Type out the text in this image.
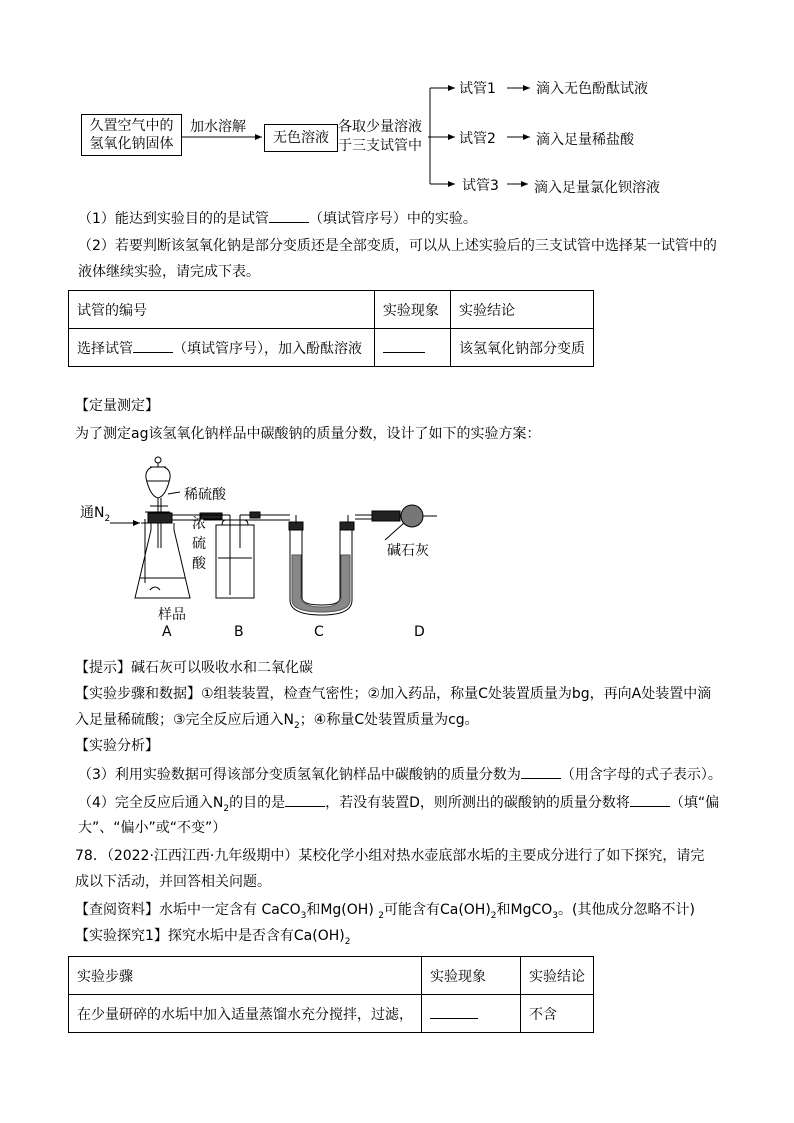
久置空气中的
氢氧化钠固体
加水溶解
无色溶液
各取少量溶液
于三支试管中
试管1	滴入无色酚酞试液
试管2	滴入足量稀盐酸
试管3	滴入足量氯化钡溶液
（1）能达到实验目的的是试管	（填试管序号）中的实验。
（2）若要判断该氢氧化钠是部分变质还是全部变质，可以从上述实验后的三支试管中选择某一试管中的
液体继续实验，请完成下表。
试管的编号	实验现象	实验结论
选择试管 （填试管序号），加入酚酞溶液		该氢氧化钠部分变质
【定量测定】
为了测定ag该氢氧化钠样品中碳酸钠的质量分数，设计了如下的实验方案：
通$N_2$
稀硫酸
浓
硫
酸
样品
碱石灰
A	B	C	D
【提示】碱石灰可以吸收水和二氧化碳
【实验步骤和数据】①组装装置，检查气密性；②加入药品，称量C处装置质量为bg，再向A处装置中滴
入足量稀硫酸；③完全反应后通入$N_2$；④称量C处装置质量为cg。
【实验分析】
（3）利用实验数据可得该部分变质氢氧化钠样品中碳酸钠的质量分数为	（用含字母的式子表示）。
（4）完全反应后通入$N_2$的目的是	，若没有装置D，则所测出的碳酸钠的质量分数将	（填“偏
大”、“偏小”或“不变”）
78．（2022·江西江西·九年级期中）某校化学小组对热水壶底部水垢的主要成分进行了如下探究，请完
成以下活动，并回答相关问题。
【查阅资料】水垢中一定含有 CaCO$_3$和Mg(OH) $_2$可能含有$Ca(OH)_2$和MgCO$_3$。(其他成分忽略不计)
【实验探究1】探究水垢中是否含有$Ca(OH)_2$
实验步骤	实验现象	实验结论
在少量研碎的水垢中加入适量蒸馏水充分搅拌，过滤，		不含
